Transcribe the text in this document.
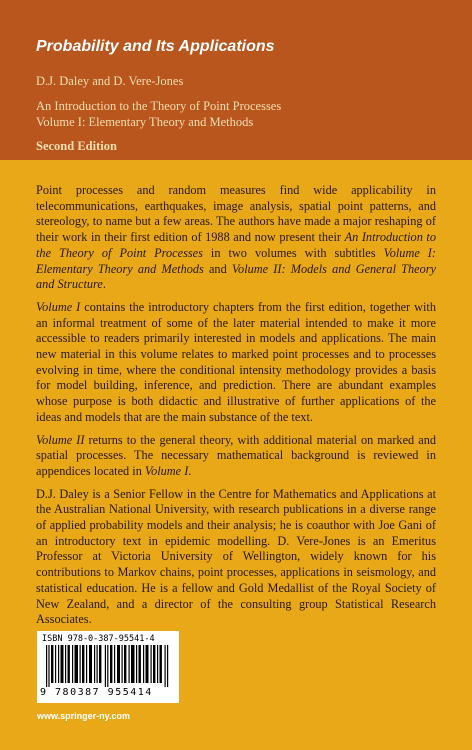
Probability and Its Applications
D.J. Daley and D. Vere-Jones
An Introduction to the Theory of Point Processes
Volume I: Elementary Theory and Methods
Second Edition

Point processes and random measures find wide applicability in telecommunications, earthquakes, image analysis, spatial point patterns, and stereology, to name but a few areas. The authors have made a major reshaping of their work in their first edition of 1988 and now present their An Introduction to the Theory of Point Processes in two volumes with subtitles Volume I: Elementary Theory and Methods and Volume II: Models and General Theory and Structure.

Volume I contains the introductory chapters from the first edition, together with an informal treatment of some of the later material intended to make it more accessible to readers primarily interested in models and applications. The main new material in this volume relates to marked point processes and to processes evolving in time, where the conditional intensity methodology provides a basis for model building, inference, and prediction. There are abundant examples whose purpose is both didactic and illustrative of further applications of the ideas and models that are the main substance of the text.

Volume II returns to the general theory, with additional material on marked and spatial processes. The necessary mathematical background is reviewed in appendices located in Volume I.

D.J. Daley is a Senior Fellow in the Centre for Mathematics and Applications at the Australian National University, with research publications in a diverse range of applied probability models and their analysis; he is coauthor with Joe Gani of an introductory text in epidemic modelling. D. Vere-Jones is an Emeritus Professor at Victoria University of Wellington, widely known for his contributions to Markov chains, point processes, applications in seismology, and statistical education. He is a fellow and Gold Medallist of the Royal Society of New Zealand, and a director of the consulting group Statistical Research Associates.

ISBN 978-0-387-95541-4
9 780387 955414
www.springer-ny.com
